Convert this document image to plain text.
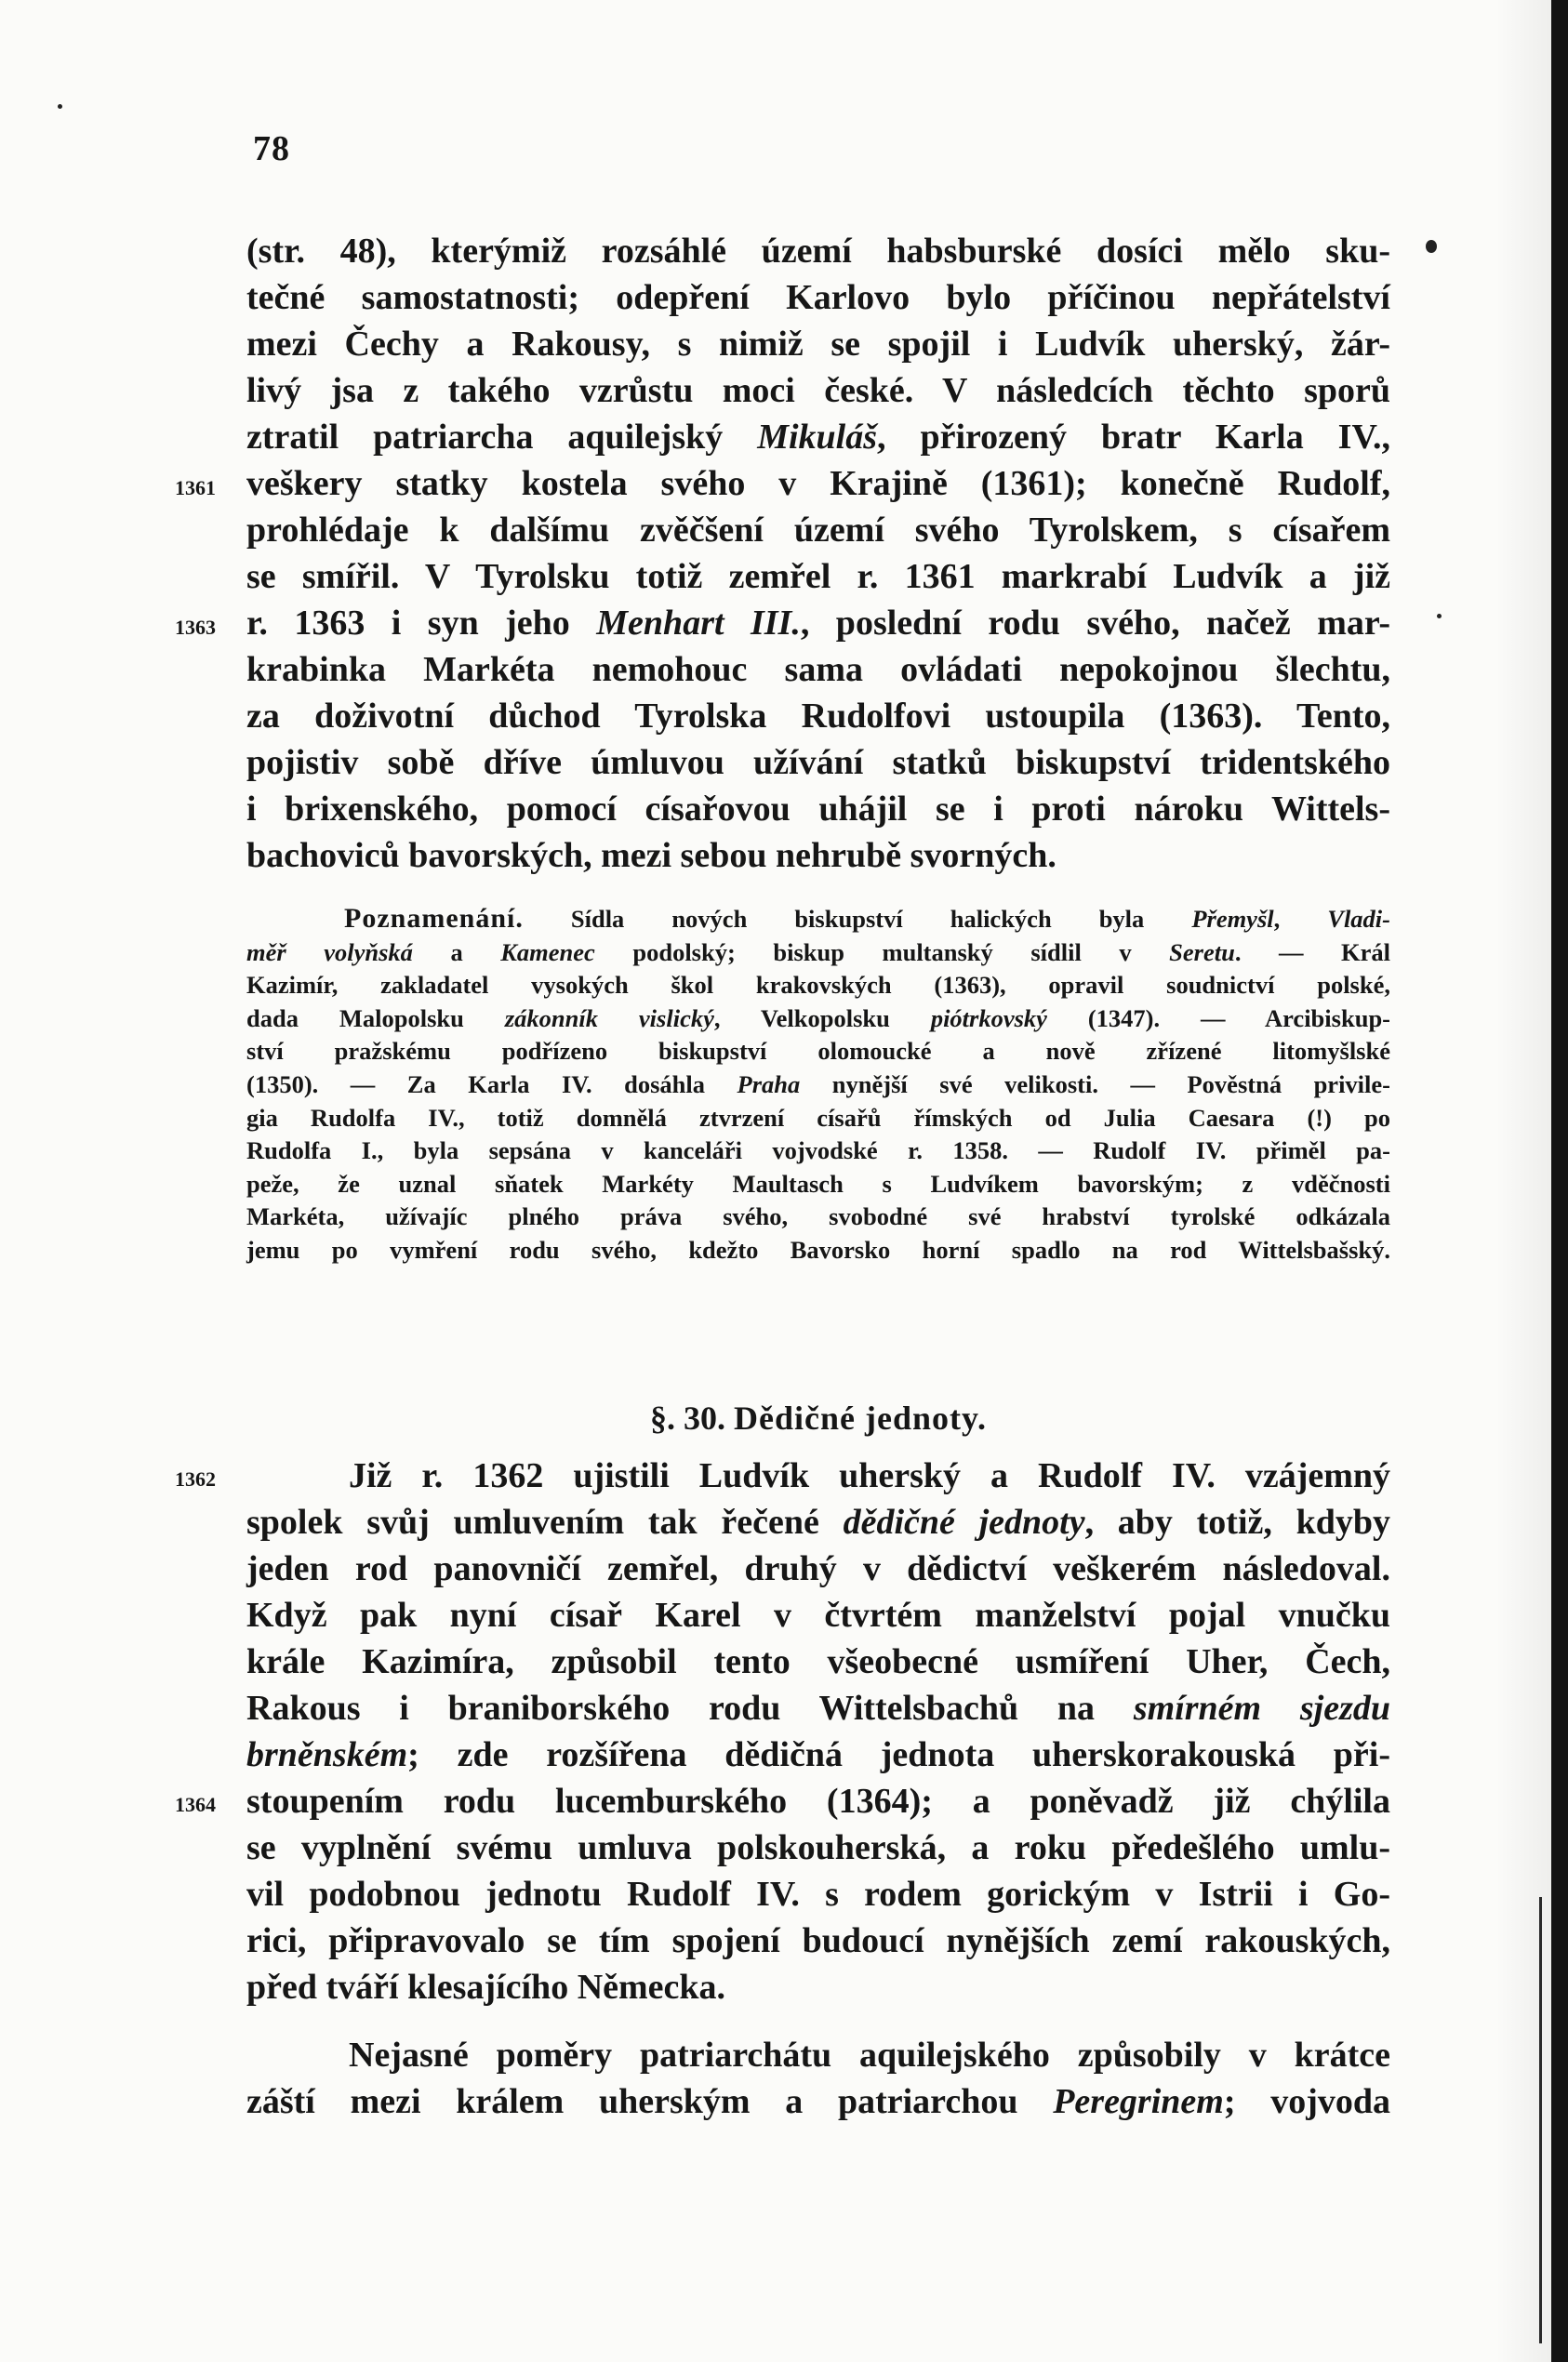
78
1361
1363
1362
1364
(str. 48), kterýmiž rozsáhlé území habsburské dosíci mělo sku-
tečné samostatnosti; odepření Karlovo bylo příčinou nepřátelství
mezi Čechy a Rakousy, s nimiž se spojil i Ludvík uherský, žár-
livý jsa z takého vzrůstu moci české. V následcích těchto sporů
ztratil patriarcha aquilejský Mikuláš, přirozený bratr Karla IV.,
veškery statky kostela svého v Krajině (1361); konečně Rudolf,
prohlédaje k dalšímu zvěčšení území svého Tyrolskem, s císařem
se smířil. V Tyrolsku totiž zemřel r. 1361 markrabí Ludvík a již
r. 1363 i syn jeho Menhart III., poslední rodu svého, načež mar-
krabinka Markéta nemohouc sama ovládati nepokojnou šlechtu,
za doživotní důchod Tyrolska Rudolfovi ustoupila (1363). Tento,
pojistiv sobě dříve úmluvou užívání statků biskupství tridentského
i brixenského, pomocí císařovou uhájil se i proti nároku Wittels-
bachoviců bavorských, mezi sebou nehrubě svorných.
Poznamenání. Sídla nových biskupství halických byla Přemyšl, Vladi-
měř volyňská a Kamenec podolský; biskup multanský sídlil v Seretu. — Král
Kazimír, zakladatel vysokých škol krakovských (1363), opravil soudnictví polské,
dada Malopolsku zákonník vislický, Velkopolsku piótrkovský (1347). — Arcibiskup-
ství pražskému podřízeno biskupství olomoucké a nově zřízené litomyšlské
(1350). — Za Karla IV. dosáhla Praha nynější své velikosti. — Pověstná privile-
gia Rudolfa IV., totiž domnělá ztvrzení císařů římských od Julia Caesara (!) po
Rudolfa I., byla sepsána v kanceláři vojvodské r. 1358. — Rudolf IV. přiměl pa-
peže, že uznal sňatek Markéty Maultasch s Ludvíkem bavorským; z vděčnosti
Markéta, užívajíc plného práva svého, svobodné své hrabství tyrolské odkázala
jemu po vymření rodu svého, kdežto Bavorsko horní spadlo na rod Wittelsbašský.
§. 30. Dědičné jednoty.
Již r. 1362 ujistili Ludvík uherský a Rudolf IV. vzájemný
spolek svůj umluvením tak řečené dědičné jednoty, aby totiž, kdyby
jeden rod panovničí zemřel, druhý v dědictví veškerém následoval.
Když pak nyní císař Karel v čtvrtém manželství pojal vnučku
krále Kazimíra, způsobil tento všeobecné usmíření Uher, Čech,
Rakous i braniborského rodu Wittelsbachů na smírném sjezdu
brněnském; zde rozšířena dědičná jednota uherskorakouská při-
stoupením rodu lucemburského (1364); a poněvadž již chýlila
se vyplnění svému umluva polskouherská, a roku předešlého umlu-
vil podobnou jednotu Rudolf IV. s rodem gorickým v Istrii i Go-
rici, připravovalo se tím spojení budoucí nynějších zemí rakouských,
před tváří klesajícího Německa.
Nejasné poměry patriarchátu aquilejského způsobily v krátce
záští mezi králem uherským a patriarchou Peregrinem; vojvoda
